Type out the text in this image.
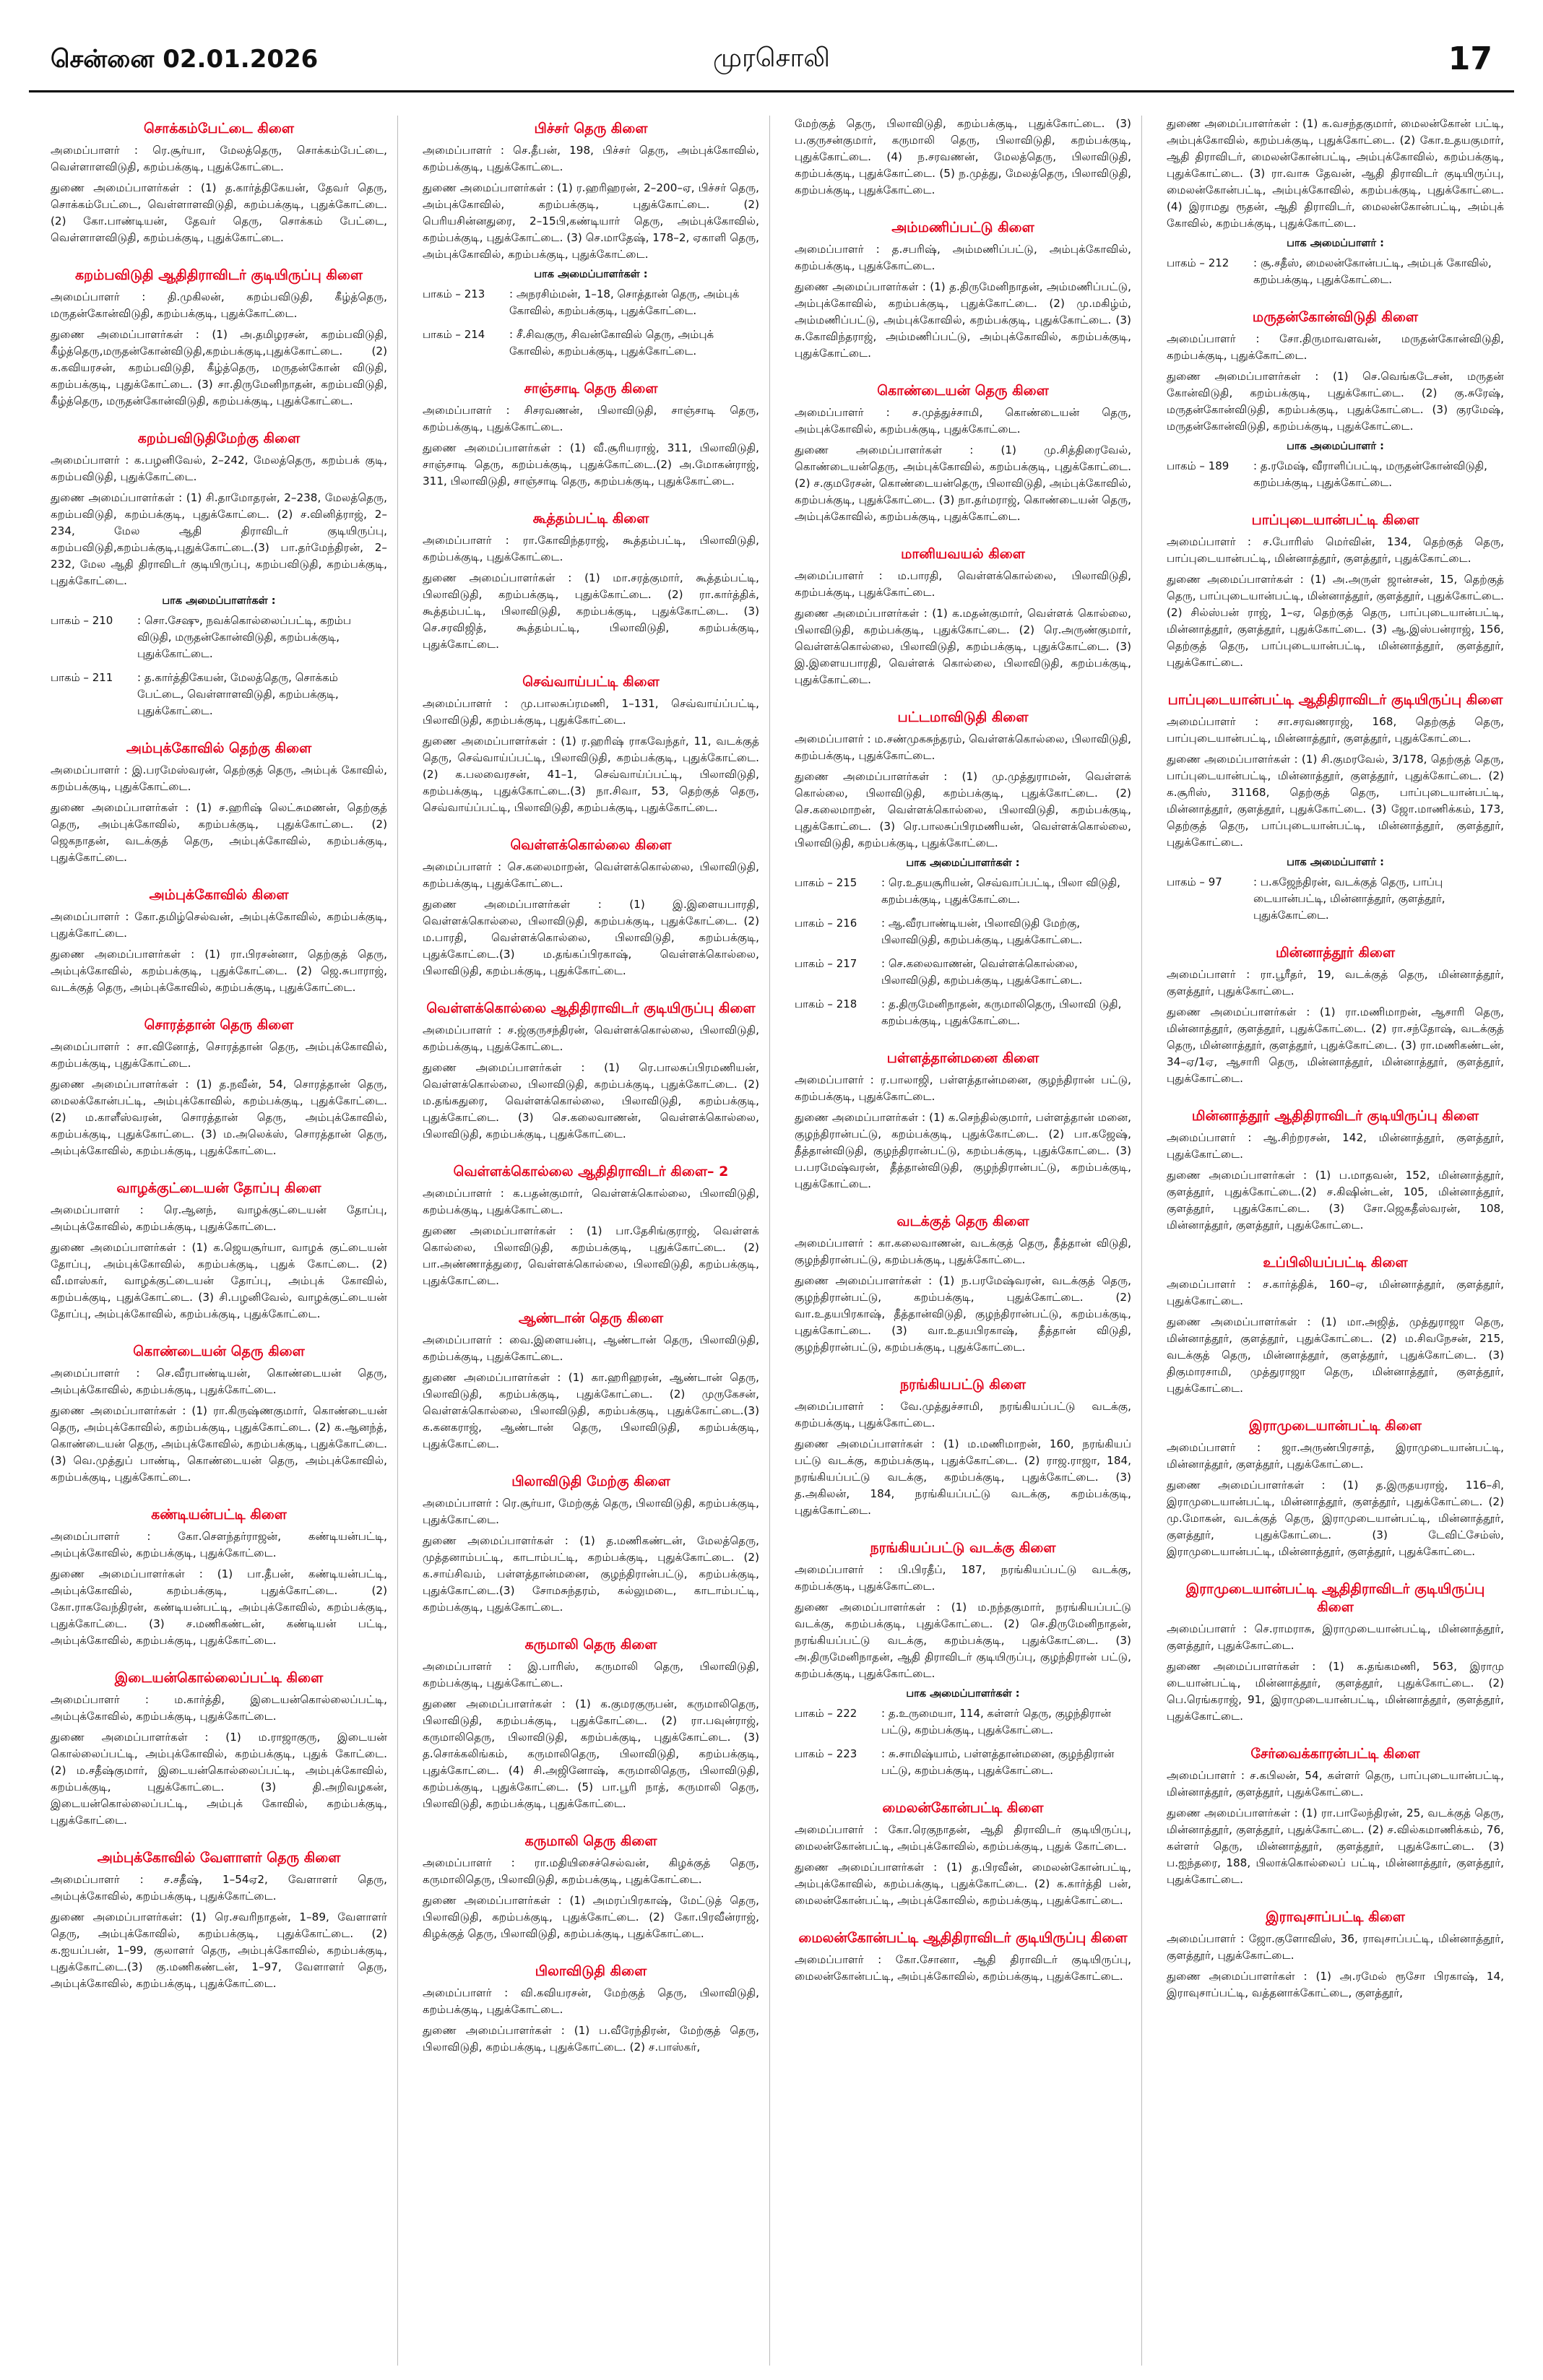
சென்னை 02.01.2026	முரசொலி	17
சொக்கம்பேட்டை கிளை

அமைப்பாளர் : ரெ.சூர்யா, மேலத்தெரு, சொக்கம்பேட்டை, வெள்ளாளவிடுதி, கறம்பக்குடி, புதுக்கோட்டை.

துணை அமைப்பாளர்கள் : (1) த.கார்த்திகேயன், தேவர் தெரு, சொக்கம்பேட்டை, வெள்ளாளவிடுதி, கறம்பக்குடி, புதுக்கோட்டை.(2) கோ.பாண்டியன், தேவர் தெரு, சொக்கம் பேட்டை, வெள்ளாளவிடுதி, கறம்பக்குடி, புதுக்கோட்டை.

கறம்பவிடுதி ஆதிதிராவிடர் குடியிருப்பு கிளை

அமைப்பாளர் : தி.முகிலன், கறம்பவிடுதி, கீழ்த்தெரு, மருதன்கோன்விடுதி, கறம்பக்குடி, புதுக்கோட்டை.

துணை அமைப்பாளர்கள் : (1) அ.தமிழரசன், கறம்பவிடுதி, கீழ்த்தெரு,மருதன்கோன்விடுதி,கறம்பக்குடி,புதுக்கோட்டை. (2) க.கவியரசன், கறம்பவிடுதி, கீழ்த்தெரு, மருதன்கோன் விடுதி, கறம்பக்குடி, புதுக்கோட்டை. (3) சா.திருமேனிநாதன், கறம்பவிடுதி, கீழ்த்தெரு, மருதன்கோன்விடுதி, கறம்பக்குடி, புதுக்கோட்டை.

கறம்பவிடுதிமேற்கு கிளை

அமைப்பாளர் : க.பழனிவேல், 2–242, மேலத்தெரு, கறம்பக் குடி, கறம்பவிடுதி, புதுக்கோட்டை.

துணை அமைப்பாளர்கள் : (1) சி.தாமோதரன், 2–238, மேலத்தெரு, கறம்பவிடுதி, கறம்பக்குடி, புதுக்கோட்டை. (2) ச.வினித்ராஜ், 2–234, மேல ஆதி திராவிடர் குடியிருப்பு, கறம்பவிடுதி,கறம்பக்குடி,புதுக்கோட்டை.(3) பா.தர்மேந்திரன், 2–232, மேல ஆதி திராவிடர் குடியிருப்பு, கறம்பவிடுதி, கறம்பக்குடி, புதுக்கோட்டை.

பாக அமைப்பாளர்கள் :
பாகம் – 210	: சொ.சேஷு, நவக்கொல்லைப்பட்டி, கறம்ப விடுதி, மருதன்கோன்விடுதி, கறம்பக்குடி, புதுக்கோட்டை.
பாகம் – 211	: த.கார்த்திகேயன், மேலத்தெரு, சொக்கம் பேட்டை, வெள்ளாளவிடுதி, கறம்பக்குடி, புதுக்கோட்டை.
அம்புக்கோவில் தெற்கு கிளை

அமைப்பாளர் : இ.பரமேஸ்வரன், தெற்குத் தெரு, அம்புக் கோவில், கறம்பக்குடி, புதுக்கோட்டை.

துணை அமைப்பாளர்கள் : (1) ச.ஹரிஷ் லெட்சுமணன், தெற்குத் தெரு, அம்புக்கோவில், கறம்பக்குடி, புதுக்கோட்டை. (2) ஜெகநாதன், வடக்குத் தெரு, அம்புக்கோவில், கறம்பக்குடி, புதுக்கோட்டை.

அம்புக்கோவில் கிளை

அமைப்பாளர் : கோ.தமிழ்செல்வன், அம்புக்கோவில், கறம்பக்குடி, புதுக்கோட்டை.

துணை அமைப்பாளர்கள் : (1) ரா.பிரசன்னா, தெற்குத் தெரு, அம்புக்கோவில், கறம்பக்குடி, புதுக்கோட்டை. (2) ஜெ.சுபாராஜ், வடக்குத் தெரு, அம்புக்கோவில், கறம்பக்குடி, புதுக்கோட்டை.

சொரத்தான் தெரு கிளை

அமைப்பாளர் : சா.வினோத், சொரத்தான் தெரு, அம்புக்கோவில், கறம்பக்குடி, புதுக்கோட்டை.

துணை அமைப்பாளர்கள் : (1) த.நவீன், 54, சொரத்தான் தெரு, மைலக்கோன்பட்டி, அம்புக்கோவில், கறம்பக்குடி, புதுக்கோட்டை. (2) ம.காளீஸ்வரன், சொரத்தான் தெரு, அம்புக்கோவில், கறம்பக்குடி, புதுக்கோட்டை. (3) ம.அலெக்ஸ், சொரத்தான் தெரு, அம்புக்கோவில், கறம்பக்குடி, புதுக்கோட்டை.

வாழக்குட்டையன் தோப்பு கிளை

அமைப்பாளர் : ரெ.ஆனந், வாழக்குட்டையன் தோப்பு, அம்புக்கோவில், கறம்பக்குடி, புதுக்கோட்டை.

துணை அமைப்பாளர்கள் : (1) க.ஜெயசூர்யா, வாழக் குட்டையன் தோப்பு, அம்புக்கோவில், கறம்பக்குடி, புதுக் கோட்டை. (2) வீ.மாஸ்கர், வாழக்குட்டையன் தோப்பு, அம்புக் கோவில், கறம்பக்குடி, புதுக்கோட்டை. (3) சி.பழனிவேல், வாழக்குட்டையன் தோப்பு, அம்புக்கோவில், கறம்பக்குடி, புதுக்கோட்டை.

கொண்டையன் தெரு கிளை

அமைப்பாளர் : செ.வீரபாண்டியன், கொண்டையன் தெரு, அம்புக்கோவில், கறம்பக்குடி, புதுக்கோட்டை.

துணை அமைப்பாளர்கள் : (1) ரா.கிருஷ்ணகுமார், கொண்டையன் தெரு, அம்புக்கோவில், கறம்பக்குடி, புதுக்கோட்டை. (2) க.ஆனந்த், கொண்டையன் தெரு, அம்புக்கோவில், கறம்பக்குடி, புதுக்கோட்டை. (3) வெ.முத்துப் பாண்டி, கொண்டையன் தெரு, அம்புக்கோவில், கறம்பக்குடி, புதுக்கோட்டை.

கண்டியன்பட்டி கிளை

அமைப்பாளர் : கோ.சௌந்தர்ராஜன், கண்டியன்பட்டி, அம்புக்கோவில், கறம்பக்குடி, புதுக்கோட்டை.

துணை அமைப்பாளர்கள் : (1) பா.தீபன், கண்டியன்பட்டி, அம்புக்கோவில், கறம்பக்குடி, புதுக்கோட்டை. (2) கோ.ராகவேந்திரன், கண்டியன்பட்டி, அம்புக்கோவில், கறம்பக்குடி, புதுக்கோட்டை. (3) ச.மணிகண்டன், கண்டியன் பட்டி, அம்புக்கோவில், கறம்பக்குடி, புதுக்கோட்டை.

இடையன்கொல்லைப்பட்டி கிளை

அமைப்பாளர் : ம.கார்த்தி, இடையன்கொல்லைப்பட்டி, அம்புக்கோவில், கறம்பக்குடி, புதுக்கோட்டை.

துணை அமைப்பாளர்கள் : (1) ம.ராஜாகுரு, இடையன் கொல்லைப்பட்டி, அம்புக்கோவில், கறம்பக்குடி, புதுக் கோட்டை. (2) ம.சதீஷ்குமார், இடையன்கொல்லைப்பட்டி, அம்புக்கோவில், கறம்பக்குடி, புதுக்கோட்டை. (3) தி.அறிவழகன், இடையன்கொல்லைப்பட்டி, அம்புக் கோவில், கறம்பக்குடி, புதுக்கோட்டை.

அம்புக்கோவில் வேளாளர் தெரு கிளை

அமைப்பாளர் : ச.சதீஷ், 1–54ஏ2, வேளாளர் தெரு, அம்புக்கோவில், கறம்பக்குடி, புதுக்கோட்டை.

துணை அமைப்பாளர்கள்: (1) ரெ.சவரிநாதன், 1–89, வேளாளர் தெரு, அம்புக்கோவில், கறம்பக்குடி, புதுக்கோட்டை. (2) க.ஐயப்பன், 1–99, குலாளர் தெரு, அம்புக்கோவில், கறம்பக்குடி, புதுக்கோட்டை.(3) கு.மணிகண்டன், 1–97, வேளாளர் தெரு, அம்புக்கோவில், கறம்பக்குடி, புதுக்கோட்டை.

பிச்சர் தெரு கிளை

அமைப்பாளர் : செ.தீபன், 198, பிச்சர் தெரு, அம்புக்கோவில், கறம்பக்குடி, புதுக்கோட்டை.

துணை அமைப்பாளர்கள் : (1) ர.ஹரிஹரன், 2–200–ஏ, பிச்சர் தெரு, அம்புக்கோவில், கறம்பக்குடி, புதுக்கோட்டை. (2) பெரியசின்னதுரை, 2–15பி,கண்டியார் தெரு, அம்புக்கோவில், கறம்பக்குடி, புதுக்கோட்டை. (3) செ.மாதேஷ், 178–2, ஏகாளி தெரு, அம்புக்கோவில், கறம்பக்குடி, புதுக்கோட்டை.

பாக அமைப்பாளர்கள் :
பாகம் – 213	: அநரசிம்மன், 1–18, சொத்தான் தெரு, அம்புக் கோவில், கறம்பக்குடி, புதுக்கோட்டை.
பாகம் – 214	: சீ.சிவகுரு, சிவன்கோவில் தெரு, அம்புக் கோவில், கறம்பக்குடி, புதுக்கோட்டை.
சாஞ்சாடி தெரு கிளை

அமைப்பாளர் : சிசரவணன், பிலாவிடுதி, சாஞ்சாடி தெரு, கறம்பக்குடி, புதுக்கோட்டை.

துணை அமைப்பாளர்கள் : (1) வீ.சூரியராஜ், 311, பிலாவிடுதி, சாஞ்சாடி தெரு, கறம்பக்குடி, புதுக்கோட்டை.(2) அ.மோகன்ராஜ், 311, பிலாவிடுதி, சாஞ்சாடி தெரு, கறம்பக்குடி, புதுக்கோட்டை.

கூத்தம்பட்டி கிளை

அமைப்பாளர் : ரா.கோவிந்தராஜ், கூத்தம்பட்டி, பிலாவிடுதி, கறம்பக்குடி, புதுக்கோட்டை.

துணை அமைப்பாளர்கள் : (1) மா.சரத்குமார், கூத்தம்பட்டி, பிலாவிடுதி, கறம்பக்குடி, புதுக்கோட்டை. (2) ரா.கார்த்திக், கூத்தம்பட்டி, பிலாவிடுதி, கறம்பக்குடி, புதுக்கோட்டை. (3) செ.சரவிஜித், கூத்தம்பட்டி, பிலாவிடுதி, கறம்பக்குடி, புதுக்கோட்டை.

செவ்வாய்பட்டி கிளை

அமைப்பாளர் : மு.பாலசுப்ரமணி, 1–131, செவ்வாய்ப்பட்டி, பிலாவிடுதி, கறம்பக்குடி, புதுக்கோட்டை.

துணை அமைப்பாளர்கள் : (1) ர.ஹரிஷ் ராகவேந்தர், 11, வடக்குத் தெரு, செவ்வாய்ப்பட்டி, பிலாவிடுதி, கறம்பக்குடி, புதுக்கோட்டை.(2) க.பலவைரசன், 41–1, செவ்வாய்ப்பட்டி, பிலாவிடுதி, கறம்பக்குடி, புதுக்கோட்டை.(3) நா.சிவா, 53, தெற்குத் தெரு, செவ்வாய்ப்பட்டி, பிலாவிடுதி, கறம்பக்குடி, புதுக்கோட்டை.

வெள்ளக்கொல்லை கிளை

அமைப்பாளர் : செ.கலைமாறன், வெள்ளக்கொல்லை, பிலாவிடுதி, கறம்பக்குடி, புதுக்கோட்டை.

துணை அமைப்பாளர்கள் : (1) இ.இளையபாரதி, வெள்ளக்கொல்லை, பிலாவிடுதி, கறம்பக்குடி, புதுக்கோட்டை. (2) ம.பாரதி, வெள்ளக்கொல்லை, பிலாவிடுதி, கறம்பக்குடி, புதுக்கோட்டை.(3) ம.தங்கப்பிரகாஷ், வெள்ளக்கொல்லை, பிலாவிடுதி, கறம்பக்குடி, புதுக்கோட்டை.

வெள்ளக்கொல்லை ஆதிதிராவிடர் குடியிருப்பு கிளை

அமைப்பாளர் : ச.ஜ்குருசந்திரன், வெள்ளக்கொல்லை, பிலாவிடுதி, கறம்பக்குடி, புதுக்கோட்டை.

துணை அமைப்பாளர்கள் : (1) ரெ.பாலசுப்பிரமணியன், வெள்ளக்கொல்லை, பிலாவிடுதி, கறம்பக்குடி, புதுக்கோட்டை. (2) ம.தங்கதுரை, வெள்ளக்கொல்லை, பிலாவிடுதி, கறம்பக்குடி, புதுக்கோட்டை. (3) செ.கலைவாணன், வெள்ளக்கொல்லை, பிலாவிடுதி, கறம்பக்குடி, புதுக்கோட்டை.

வெள்ளக்கொல்லை ஆதிதிராவிடர் கிளை– 2

அமைப்பாளர் : க.பதன்குமார், வெள்ளக்கொல்லை, பிலாவிடுதி, கறம்பக்குடி, புதுக்கோட்டை.

துணை அமைப்பாளர்கள் : (1) பா.தேசிங்குராஜ், வெள்ளக் கொல்லை, பிலாவிடுதி, கறம்பக்குடி, புதுக்கோட்டை. (2) பா.அண்ணாத்துரை, வெள்ளக்கொல்லை, பிலாவிடுதி, கறம்பக்குடி, புதுக்கோட்டை.

ஆண்டான் தெரு கிளை

அமைப்பாளர் : வை.இளையன்பு, ஆண்டான் தெரு, பிலாவிடுதி, கறம்பக்குடி, புதுக்கோட்டை.

துணை அமைப்பாளர்கள் : (1) கா.ஹரிஹரன், ஆண்டான் தெரு, பிலாவிடுதி, கறம்பக்குடி, புதுக்கோட்டை. (2) முருகேசன், வெள்ளக்கொல்லை, பிலாவிடுதி, கறம்பக்குடி, புதுக்கோட்டை.(3) க.கனகராஜ், ஆண்டான் தெரு, பிலாவிடுதி, கறம்பக்குடி, புதுக்கோட்டை.

பிலாவிடுதி மேற்கு கிளை

அமைப்பாளர் : ரெ.சூர்யா, மேற்குத் தெரு, பிலாவிடுதி, கறம்பக்குடி, புதுக்கோட்டை.

துணை அமைப்பாளர்கள் : (1) த.மணிகண்டன், மேலத்தெரு, முத்தனாம்பட்டி, காடாம்பட்டி, கறம்பக்குடி, புதுக்கோட்டை. (2) க.சாய்சிவம், பள்ளத்தான்மனை, குழந்திரான்பட்டு, கறம்பக்குடி, புதுக்கோட்டை.(3) சோமசுந்தரம், கல்லுமடை, காடாம்பட்டி, கறம்பக்குடி, புதுக்கோட்டை.

கருமாலி தெரு கிளை

அமைப்பாளர் : இ.பாரிஸ், கருமாலி தெரு, பிலாவிடுதி, கறம்பக்குடி, புதுக்கோட்டை.

துணை அமைப்பாளர்கள் : (1) க.குமரகுருபன், கருமாலிதெரு, பிலாவிடுதி, கறம்பக்குடி, புதுக்கோட்டை. (2) ரா.பவுன்ராஜ், கருமாலிதெரு, பிலாவிடுதி, கறம்பக்குடி, புதுக்கோட்டை. (3) த.சொக்கலிங்கம், கருமாலிதெரு, பிலாவிடுதி, கறம்பக்குடி, புதுக்கோட்டை. (4) சி.அஜினோஷ், கருமாலிதெரு, பிலாவிடுதி, கறம்பக்குடி, புதுக்கோட்டை. (5) பா.பூரி நாத், கருமாலி தெரு, பிலாவிடுதி, கறம்பக்குடி, புதுக்கோட்டை.

கருமாலி தெரு கிளை

அமைப்பாளர் : ரா.மதியிசைச்செல்வன், கிழக்குத் தெரு, கருமாலிதெரு, பிலாவிடுதி, கறம்பக்குடி, புதுக்கோட்டை.

துணை அமைப்பாளர்கள் : (1) அமரப்பிரகாஷ், மேட்டுத் தெரு, பிலாவிடுதி, கறம்பக்குடி, புதுக்கோட்டை. (2) கோ.பிரவீன்ராஜ், கிழக்குத் தெரு, பிலாவிடுதி, கறம்பக்குடி, புதுக்கோட்டை.

பிலாவிடுதி கிளை

அமைப்பாளர் : வி.கவியரசன், மேற்குத் தெரு, பிலாவிடுதி, கறம்பக்குடி, புதுக்கோட்டை.

துணை அமைப்பாளர்கள் : (1) ப.வீரேந்திரன், மேற்குத் தெரு, பிலாவிடுதி, கறம்பக்குடி, புதுக்கோட்டை. (2) ச.பாஸ்கர்,

மேற்குத் தெரு, பிலாவிடுதி, கறம்பக்குடி, புதுக்கோட்டை. (3) ப.குருசன்குமார், கருமாலி தெரு, பிலாவிடுதி, கறம்பக்குடி, புதுக்கோட்டை. (4) ந.சரவணன், மேலத்தெரு, பிலாவிடுதி, கறம்பக்குடி, புதுக்கோட்டை. (5) ந.முத்து, மேலத்தெரு, பிலாவிடுதி, கறம்பக்குடி, புதுக்கோட்டை.

அம்மணிப்பட்டு கிளை

அமைப்பாளர் : த.சபரிஷ், அம்மணிப்பட்டு, அம்புக்கோவில், கறம்பக்குடி, புதுக்கோட்டை.

துணை அமைப்பாளர்கள் : (1) த.திருமேனிநாதன், அம்மணிப்பட்டு, அம்புக்கோவில், கறம்பக்குடி, புதுக்கோட்டை. (2) மு.மகிழ்ம், அம்மணிப்பட்டு, அம்புக்கோவில், கறம்பக்குடி, புதுக்கோட்டை. (3) சு.கோவிந்தராஜ், அம்மணிப்பட்டு, அம்புக்கோவில், கறம்பக்குடி, புதுக்கோட்டை.

கொண்டையன் தெரு கிளை

அமைப்பாளர் : ச.முத்துச்சாமி, கொண்டையன் தெரு, அம்புக்கோவில், கறம்பக்குடி, புதுக்கோட்டை.

துணை அமைப்பாளர்கள் : (1) மு.சித்திரைவேல், கொண்டையன்தெரு, அம்புக்கோவில், கறம்பக்குடி, புதுக்கோட்டை. (2) ச.குமரேசன், கொண்டையன்தெரு, பிலாவிடுதி, அம்புக்கோவில், கறம்பக்குடி, புதுக்கோட்டை. (3) நா.தர்மராஜ், கொண்டையன் தெரு, அம்புக்கோவில், கறம்பக்குடி, புதுக்கோட்டை.

மானியவயல் கிளை

அமைப்பாளர் : ம.பாரதி, வெள்ளக்கொல்லை, பிலாவிடுதி, கறம்பக்குடி, புதுக்கோட்டை.

துணை அமைப்பாளர்கள் : (1) க.மதன்குமார், வெள்ளக் கொல்லை, பிலாவிடுதி, கறம்பக்குடி, புதுக்கோட்டை. (2) ரெ.அருண்குமார், வெள்ளக்கொல்லை, பிலாவிடுதி, கறம்பக்குடி, புதுக்கோட்டை. (3) இ.இளையபாரதி, வெள்ளக் கொல்லை, பிலாவிடுதி, கறம்பக்குடி, புதுக்கோட்டை.

பட்டமாவிடுதி கிளை

அமைப்பாளர் : ம.சண்முகசுந்தரம், வெள்ளக்கொல்லை, பிலாவிடுதி, கறம்பக்குடி, புதுக்கோட்டை.

துணை அமைப்பாளர்கள் : (1) மு.முத்துராமன், வெள்ளக் கொல்லை, பிலாவிடுதி, கறம்பக்குடி, புதுக்கோட்டை. (2) செ.கலைமாறன், வெள்ளக்கொல்லை, பிலாவிடுதி, கறம்பக்குடி, புதுக்கோட்டை. (3) ரெ.பாலசுப்பிரமணியன், வெள்ளக்கொல்லை, பிலாவிடுதி, கறம்பக்குடி, புதுக்கோட்டை.

பாக அமைப்பாளர்கள் :
பாகம் – 215	: ரெ.உதயசூரியன், செவ்வாப்பட்டி, பிலா விடுதி, கறம்பக்குடி, புதுக்கோட்டை.
பாகம் – 216	: ஆ.வீரபாண்டியன், பிலாவிடுதி மேற்கு, பிலாவிடுதி, கறம்பக்குடி, புதுக்கோட்டை.
பாகம் – 217	: செ.கலைவாணன், வெள்ளக்கொல்லை, பிலாவிடுதி, கறம்பக்குடி, புதுக்கோட்டை.
பாகம் – 218	: த.திருமேனிநாதன், கருமாலிதெரு, பிலாவி டுதி, கறம்பக்குடி, புதுக்கோட்டை.
பள்ளத்தான்மனை கிளை

அமைப்பாளர் : ர.பாலாஜி, பள்ளத்தான்மனை, குழந்திரான் பட்டு, கறம்பக்குடி, புதுக்கோட்டை.

துணை அமைப்பாளர்கள் : (1) க.செந்தில்குமார், பள்ளத்தான் மனை, குழந்திரான்பட்டு, கறம்பக்குடி, புதுக்கோட்டை. (2) பா.கஜேஷ், தீத்தான்விடுதி, குழந்திரான்பட்டு, கறம்பக்குடி, புதுக்கோட்டை. (3) ப.பரமேஷ்வரன், தீத்தான்விடுதி, குழந்திரான்பட்டு, கறம்பக்குடி, புதுக்கோட்டை.

வடக்குத் தெரு கிளை

அமைப்பாளர் : கா.கலைவாணன், வடக்குத் தெரு, தீத்தான் விடுதி, குழந்திரான்பட்டு, கறம்பக்குடி, புதுக்கோட்டை.

துணை அமைப்பாளர்கள் : (1) ந.பரமேஷ்வரன், வடக்குத் தெரு, குழந்திரான்பட்டு, கறம்பக்குடி, புதுக்கோட்டை. (2) வா.உதயபிரகாஷ், தீத்தான்விடுதி, குழந்திரான்பட்டு, கறம்பக்குடி, புதுக்கோட்டை. (3) வா.உதயபிரகாஷ், தீத்தான் விடுதி, குழந்திரான்பட்டு, கறம்பக்குடி, புதுக்கோட்டை.

நரங்கியபட்டு கிளை

அமைப்பாளர் : வே.முத்துச்சாமி, நரங்கியப்பட்டு வடக்கு, கறம்பக்குடி, புதுக்கோட்டை.

துணை அமைப்பாளர்கள் : (1) ம.மணிமாறன், 160, நரங்கியப் பட்டு வடக்கு, கறம்பக்குடி, புதுக்கோட்டை. (2) ராஜ.ராஜா, 184, நரங்கியப்பட்டு வடக்கு, கறம்பக்குடி, புதுக்கோட்டை. (3) த.அகிலன், 184, நரங்கியப்பட்டு வடக்கு, கறம்பக்குடி, புதுக்கோட்டை.

நரங்கியப்பட்டு வடக்கு கிளை

அமைப்பாளர் : பி.பிரதீப், 187, நரங்கியப்பட்டு வடக்கு, கறம்பக்குடி, புதுக்கோட்டை.

துணை அமைப்பாளர்கள் : (1) ம.நந்தகுமார், நரங்கியப்பட்டு வடக்கு, கறம்பக்குடி, புதுக்கோட்டை. (2) செ.திருமேனிநாதன், நரங்கியப்பட்டு வடக்கு, கறம்பக்குடி, புதுக்கோட்டை. (3) அ.திருமேனிநாதன், ஆதி திராவிடர் குடியிருப்பு, குழந்திரான் பட்டு, கறம்பக்குடி, புதுக்கோட்டை.

பாக அமைப்பாளர்கள் :
பாகம் – 222	: த.உருமையா, 114, கள்ளர் தெரு, குழந்திரான் பட்டு, கறம்பக்குடி, புதுக்கோட்டை.
பாகம் – 223	: சு.சாமிஷ்யாம், பள்ளத்தான்மனை, குழந்திரான் பட்டு, கறம்பக்குடி, புதுக்கோட்டை.
மைலன்கோன்பட்டி கிளை

அமைப்பாளர் : கோ.ரெகுநாதன், ஆதி திராவிடர் குடியிருப்பு, மைலன்கோன்பட்டி, அம்புக்கோவில், கறம்பக்குடி, புதுக் கோட்டை.

துணை அமைப்பாளர்கள் : (1) த.பிரவீன், மைலன்கோன்பட்டி, அம்புக்கோவில், கறம்பக்குடி, புதுக்கோட்டை. (2) க.கார்த்தி பன், மைலன்கோன்பட்டி, அம்புக்கோவில், கறம்பக்குடி, புதுக்கோட்டை.

மைலன்கோன்பட்டி ஆதிதிராவிடர் குடியிருப்பு கிளை

அமைப்பாளர் : கோ.சோனா, ஆதி திராவிடர் குடியிருப்பு, மைலன்கோன்பட்டி, அம்புக்கோவில், கறம்பக்குடி, புதுக்கோட்டை.

துணை அமைப்பாளர்கள் : (1) க.வசந்தகுமார், மைலன்கோன் பட்டி, அம்புக்கோவில், கறம்பக்குடி, புதுக்கோட்டை. (2) கோ.உதயகுமார், ஆதி திராவிடர், மைலன்கோன்பட்டி, அம்புக்கோவில், கறம்பக்குடி, புதுக்கோட்டை. (3) ரா.வாசு தேவன், ஆதி திராவிடர் குடியிருப்பு, மைலன்கோன்பட்டி, அம்புக்கோவில், கறம்பக்குடி, புதுக்கோட்டை. (4) இராமது ரூதன், ஆதி திராவிடர், மைலன்கோன்பட்டி, அம்புக் கோவில், கறம்பக்குடி, புதுக்கோட்டை.

பாக அமைப்பாளர் :
பாகம் – 212	: சூ.சதீஸ், மைலன்கோன்பட்டி, அம்புக் கோவில், கறம்பக்குடி, புதுக்கோட்டை.
மருதன்கோன்விடுதி கிளை

அமைப்பாளர் : சோ.திருமாவளவன், மருதன்கோன்விடுதி, கறம்பக்குடி, புதுக்கோட்டை.

துணை அமைப்பாளர்கள் : (1) செ.வெங்கடேசன், மருதன் கோன்விடுதி, கறம்பக்குடி, புதுக்கோட்டை. (2) கு.சுரேஷ், மருதன்கோன்விடுதி, கறம்பக்குடி, புதுக்கோட்டை. (3) குரமேஷ், மருதன்கோன்விடுதி, கறம்பக்குடி, புதுக்கோட்டை.

பாக அமைப்பாளர் :
பாகம் – 189	: த.ரமேஷ், வீராளிப்பட்டி, மருதன்கோன்விடுதி, கறம்பக்குடி, புதுக்கோட்டை.
பாப்புடையான்பட்டி கிளை

அமைப்பாளர் : ச.போரிஸ் மெர்வின், 134, தெற்குத் தெரு, பாப்புடையான்பட்டி, மின்னாத்தூர், குளத்தூர், புதுக்கோட்டை.

துணை அமைப்பாளர்கள் : (1) அ.அருள் ஜான்சன், 15, தெற்குத் தெரு, பாப்புடையான்பட்டி, மின்னாத்தூர், குளத்தூர், புதுக்கோட்டை. (2) சில்ஸ்பன் ராஜ், 1–ஏ, தெற்குத் தெரு, பாப்புடையான்பட்டி, மின்னாத்தூர், குளத்தூர், புதுக்கோட்டை. (3) ஆ.இஸ்பன்ராஜ், 156, தெற்குத் தெரு, பாப்புடையான்பட்டி, மின்னாத்தூர், குளத்தூர், புதுக்கோட்டை.

பாப்புடையான்பட்டி ஆதிதிராவிடர் குடியிருப்பு கிளை

அமைப்பாளர் : சா.சரவணராஜ், 168, தெற்குத் தெரு, பாப்புடையான்பட்டி, மின்னாத்தூர், குளத்தூர், புதுக்கோட்டை.

துணை அமைப்பாளர்கள் : (1) சி.குமரவேல், 3/178, தெற்குத் தெரு, பாப்புடையான்பட்டி, மின்னாத்தூர், குளத்தூர், புதுக்கோட்டை. (2) க.சூரிஸ், 31168, தெற்குத் தெரு, பாப்புடையான்பட்டி, மின்னாத்தூர், குளத்தூர், புதுக்கோட்டை. (3) ஜோ.மாணிக்கம், 173, தெற்குத் தெரு, பாப்புடையான்பட்டி, மின்னாத்தூர், குளத்தூர், புதுக்கோட்டை.

பாக அமைப்பாளர் :
பாகம் – 97	: ப.கஜேந்திரன், வடக்குத் தெரு, பாப்பு டையான்பட்டி, மின்னாத்தூர், குளத்தூர், புதுக்கோட்டை.
மின்னாத்தூர் கிளை

அமைப்பாளர் : ரா.பூரீதர், 19, வடக்குத் தெரு, மின்னாத்தூர், குளத்தூர், புதுக்கோட்டை.

துணை அமைப்பாளர்கள் : (1) ரா.மணிமாறன், ஆசாரி தெரு, மின்னாத்தூர், குளத்தூர், புதுக்கோட்டை. (2) ரா.சந்தோஷ், வடக்குத் தெரு, மின்னாத்தூர், குளத்தூர், புதுக்கோட்டை. (3) ரா.மணிகண்டன், 34–ஏ/1ஏ, ஆசாரி தெரு, மின்னாத்தூர், மின்னாத்தூர், குளத்தூர், புதுக்கோட்டை.

மின்னாத்தூர் ஆதிதிராவிடர் குடியிருப்பு கிளை

அமைப்பாளர் : ஆ.சிற்றரசன், 142, மின்னாத்தூர், குளத்தூர், புதுக்கோட்டை.

துணை அமைப்பாளர்கள் : (1) ப.மாதவன், 152, மின்னாத்தூர், குளத்தூர், புதுக்கோட்டை.(2) ச.கிஷின்டன், 105, மின்னாத்தூர், குளத்தூர், புதுக்கோட்டை. (3) சோ.ஜெகதீஸ்வரன், 108, மின்னாத்தூர், குளத்தூர், புதுக்கோட்டை.

உப்பிலியப்பட்டி கிளை

அமைப்பாளர் : ச.கார்த்திக், 160–ஏ, மின்னாத்தூர், குளத்தூர், புதுக்கோட்டை.

துணை அமைப்பாளர்கள் : (1) மா.அஜித், முத்துராஜா தெரு, மின்னாத்தூர், குளத்தூர், புதுக்கோட்டை. (2) ம.சிவநேசன், 215, வடக்குத் தெரு, மின்னாத்தூர், குளத்தூர், புதுக்கோட்டை. (3) திகுமாரசாமி, முத்துராஜா தெரு, மின்னாத்தூர், குளத்தூர், புதுக்கோட்டை.

இராமுடையான்பட்டி கிளை

அமைப்பாளர் : ஜா.அருண்பிரசாத், இராமுடையான்பட்டி, மின்னாத்தூர், குளத்தூர், புதுக்கோட்டை.

துணை அமைப்பாளர்கள் : (1) த.இருதயராஜ், 116–சி, இராமுடையான்பட்டி, மின்னாத்தூர், குளத்தூர், புதுக்கோட்டை. (2) மு.மோகன், வடக்குத் தெரு, இராமுடையான்பட்டி, மின்னாத்தூர், குளத்தூர், புதுக்கோட்டை. (3) டேவிட்சேம்ஸ், இராமுடையான்பட்டி, மின்னாத்தூர், குளத்தூர், புதுக்கோட்டை.

இராமுடையான்பட்டி ஆதிதிராவிடர் குடியிருப்பு கிளை

அமைப்பாளர் : செ.ராமராசு, இராமுடையான்பட்டி, மின்னாத்தூர், குளத்தூர், புதுக்கோட்டை.

துணை அமைப்பாளர்கள் : (1) க.தங்கமணி, 563, இராமு டையான்பட்டி, மின்னாத்தூர், குளத்தூர், புதுக்கோட்டை. (2) பெ.ரெங்கராஜ், 91, இராமுடையான்பட்டி, மின்னாத்தூர், குளத்தூர், புதுக்கோட்டை.

சேர்வைக்காரன்பட்டி கிளை

அமைப்பாளர் : ச.கபிலன், 54, கள்ளர் தெரு, பாப்புடையான்பட்டி, மின்னாத்தூர், குளத்தூர், புதுக்கோட்டை.

துணை அமைப்பாளர்கள் : (1) ரா.பாலேந்திரன், 25, வடக்குத் தெரு, மின்னாத்தூர், குளத்தூர், புதுக்கோட்டை. (2) ச.வில்கமாணிக்கம், 76, கள்ளர் தெரு, மின்னாத்தூர், குளத்தூர், புதுக்கோட்டை. (3) ப.ஐந்தரை, 188, பிலாக்கொல்லைப் பட்டி, மின்னாத்தூர், குளத்தூர், புதுக்கோட்டை.

இராவுசாப்பட்டி கிளை

அமைப்பாளர் : ஜோ.குளோவிஸ், 36, ராவுசாப்பட்டி, மின்னாத்தூர், குளத்தூர், புதுக்கோட்டை.

துணை அமைப்பாளர்கள் : (1) அ.ரமேல் ரூசோ பிரகாஷ், 14, இராவுசாப்பட்டி, வத்தனாக்கோட்டை, குளத்தூர்,
